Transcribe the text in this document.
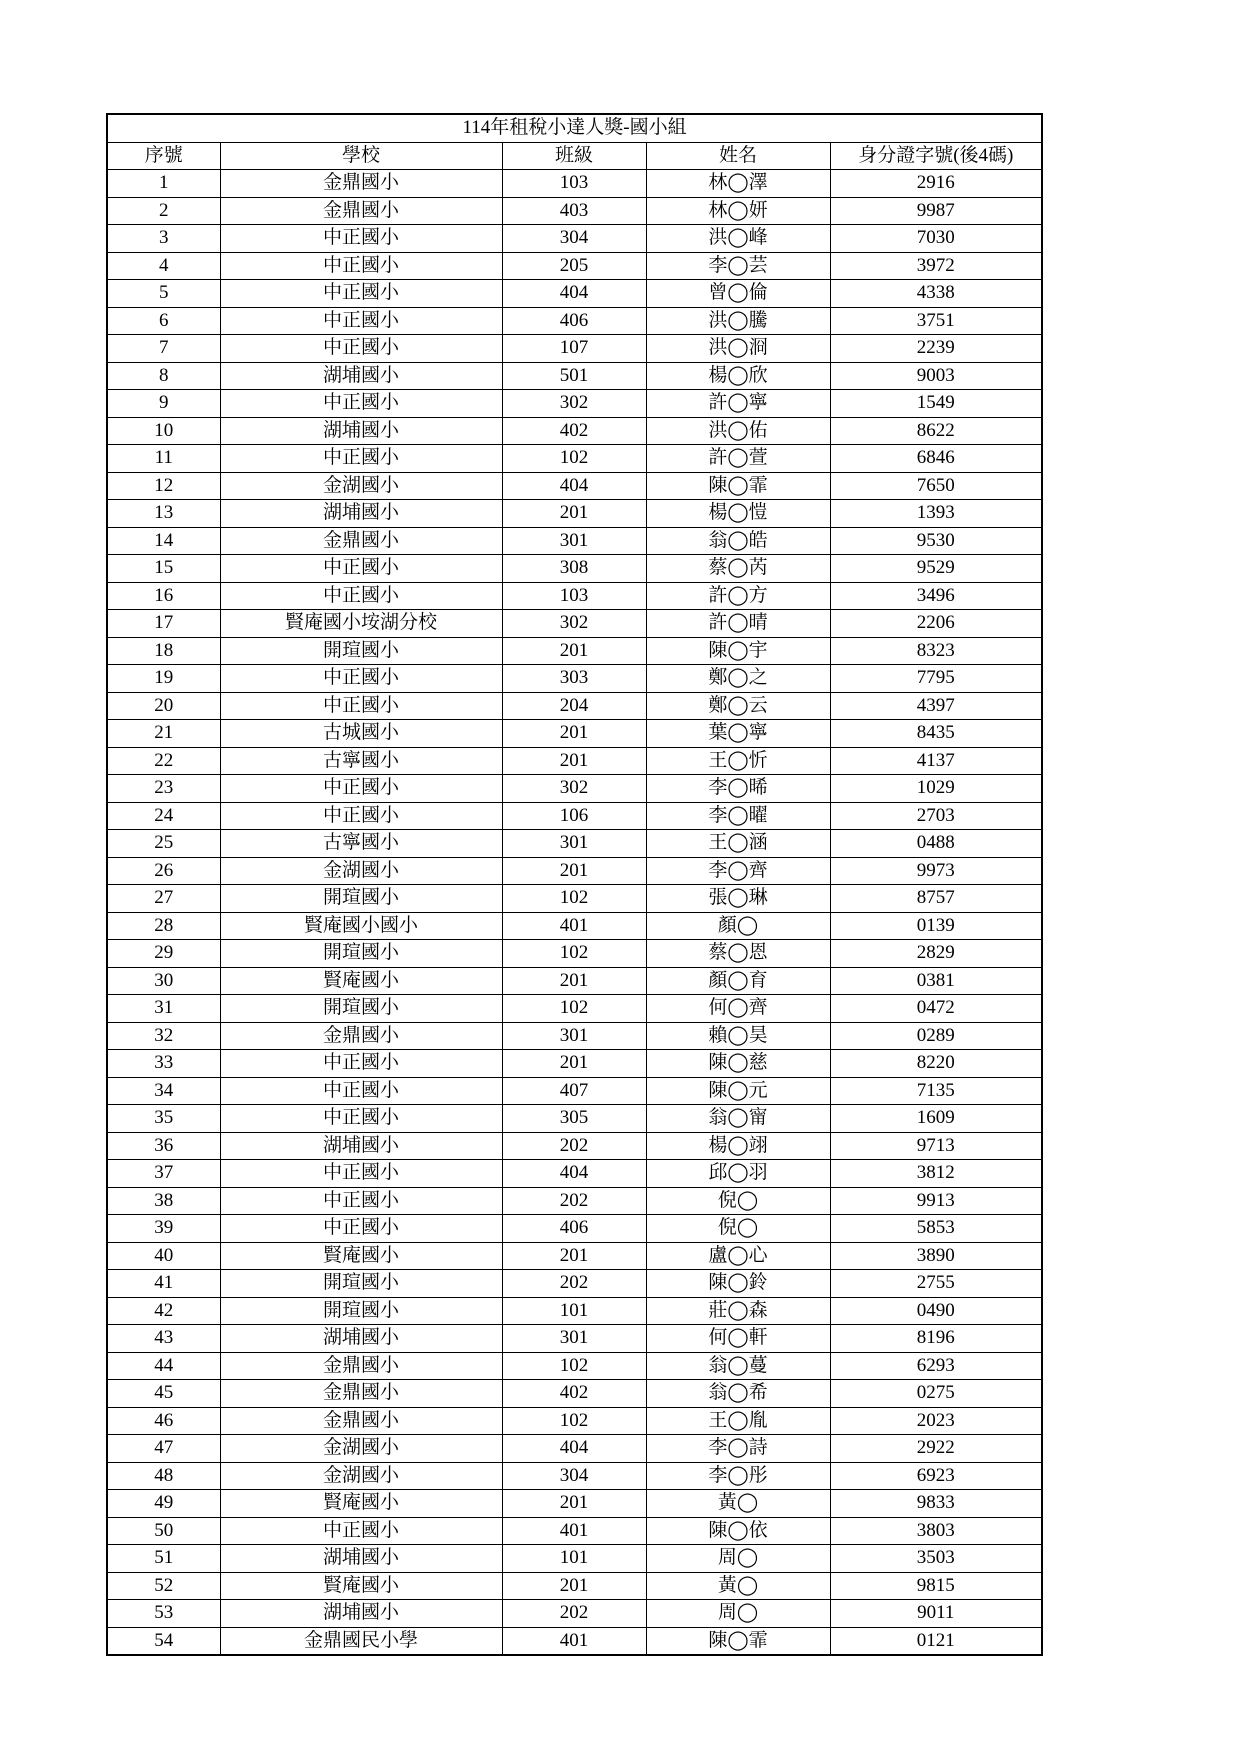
114年租稅小達人獎-國小組				
序號	學校	班級	姓名	身分證字號(後4碼)
1	金鼎國小	103	林◯澤	2916
2	金鼎國小	403	林◯妍	9987
3	中正國小	304	洪◯峰	7030
4	中正國小	205	李◯芸	3972
5	中正國小	404	曾◯倫	4338
6	中正國小	406	洪◯騰	3751
7	中正國小	107	洪◯浻	2239
8	湖埔國小	501	楊◯欣	9003
9	中正國小	302	許◯寧	1549
10	湖埔國小	402	洪◯佑	8622
11	中正國小	102	許◯萱	6846
12	金湖國小	404	陳◯霏	7650
13	湖埔國小	201	楊◯愷	1393
14	金鼎國小	301	翁◯皓	9530
15	中正國小	308	蔡◯芮	9529
16	中正國小	103	許◯方	3496
17	賢庵國小垵湖分校	302	許◯晴	2206
18	開瑄國小	201	陳◯宇	8323
19	中正國小	303	鄭◯之	7795
20	中正國小	204	鄭◯云	4397
21	古城國小	201	葉◯寧	8435
22	古寧國小	201	王◯忻	4137
23	中正國小	302	李◯晞	1029
24	中正國小	106	李◯曜	2703
25	古寧國小	301	王◯涵	0488
26	金湖國小	201	李◯齊	9973
27	開瑄國小	102	張◯琳	8757
28	賢庵國小國小	401	顏◯	0139
29	開瑄國小	102	蔡◯恩	2829
30	賢庵國小	201	顏◯育	0381
31	開瑄國小	102	何◯齊	0472
32	金鼎國小	301	賴◯昊	0289
33	中正國小	201	陳◯慈	8220
34	中正國小	407	陳◯元	7135
35	中正國小	305	翁◯甯	1609
36	湖埔國小	202	楊◯翊	9713
37	中正國小	404	邱◯羽	3812
38	中正國小	202	倪◯	9913
39	中正國小	406	倪◯	5853
40	賢庵國小	201	盧◯心	3890
41	開瑄國小	202	陳◯鈴	2755
42	開瑄國小	101	莊◯森	0490
43	湖埔國小	301	何◯軒	8196
44	金鼎國小	102	翁◯蔓	6293
45	金鼎國小	402	翁◯希	0275
46	金鼎國小	102	王◯胤	2023
47	金湖國小	404	李◯詩	2922
48	金湖國小	304	李◯彤	6923
49	賢庵國小	201	黃◯	9833
50	中正國小	401	陳◯依	3803
51	湖埔國小	101	周◯	3503
52	賢庵國小	201	黃◯	9815
53	湖埔國小	202	周◯	9011
54	金鼎國民小學	401	陳◯霏	0121
